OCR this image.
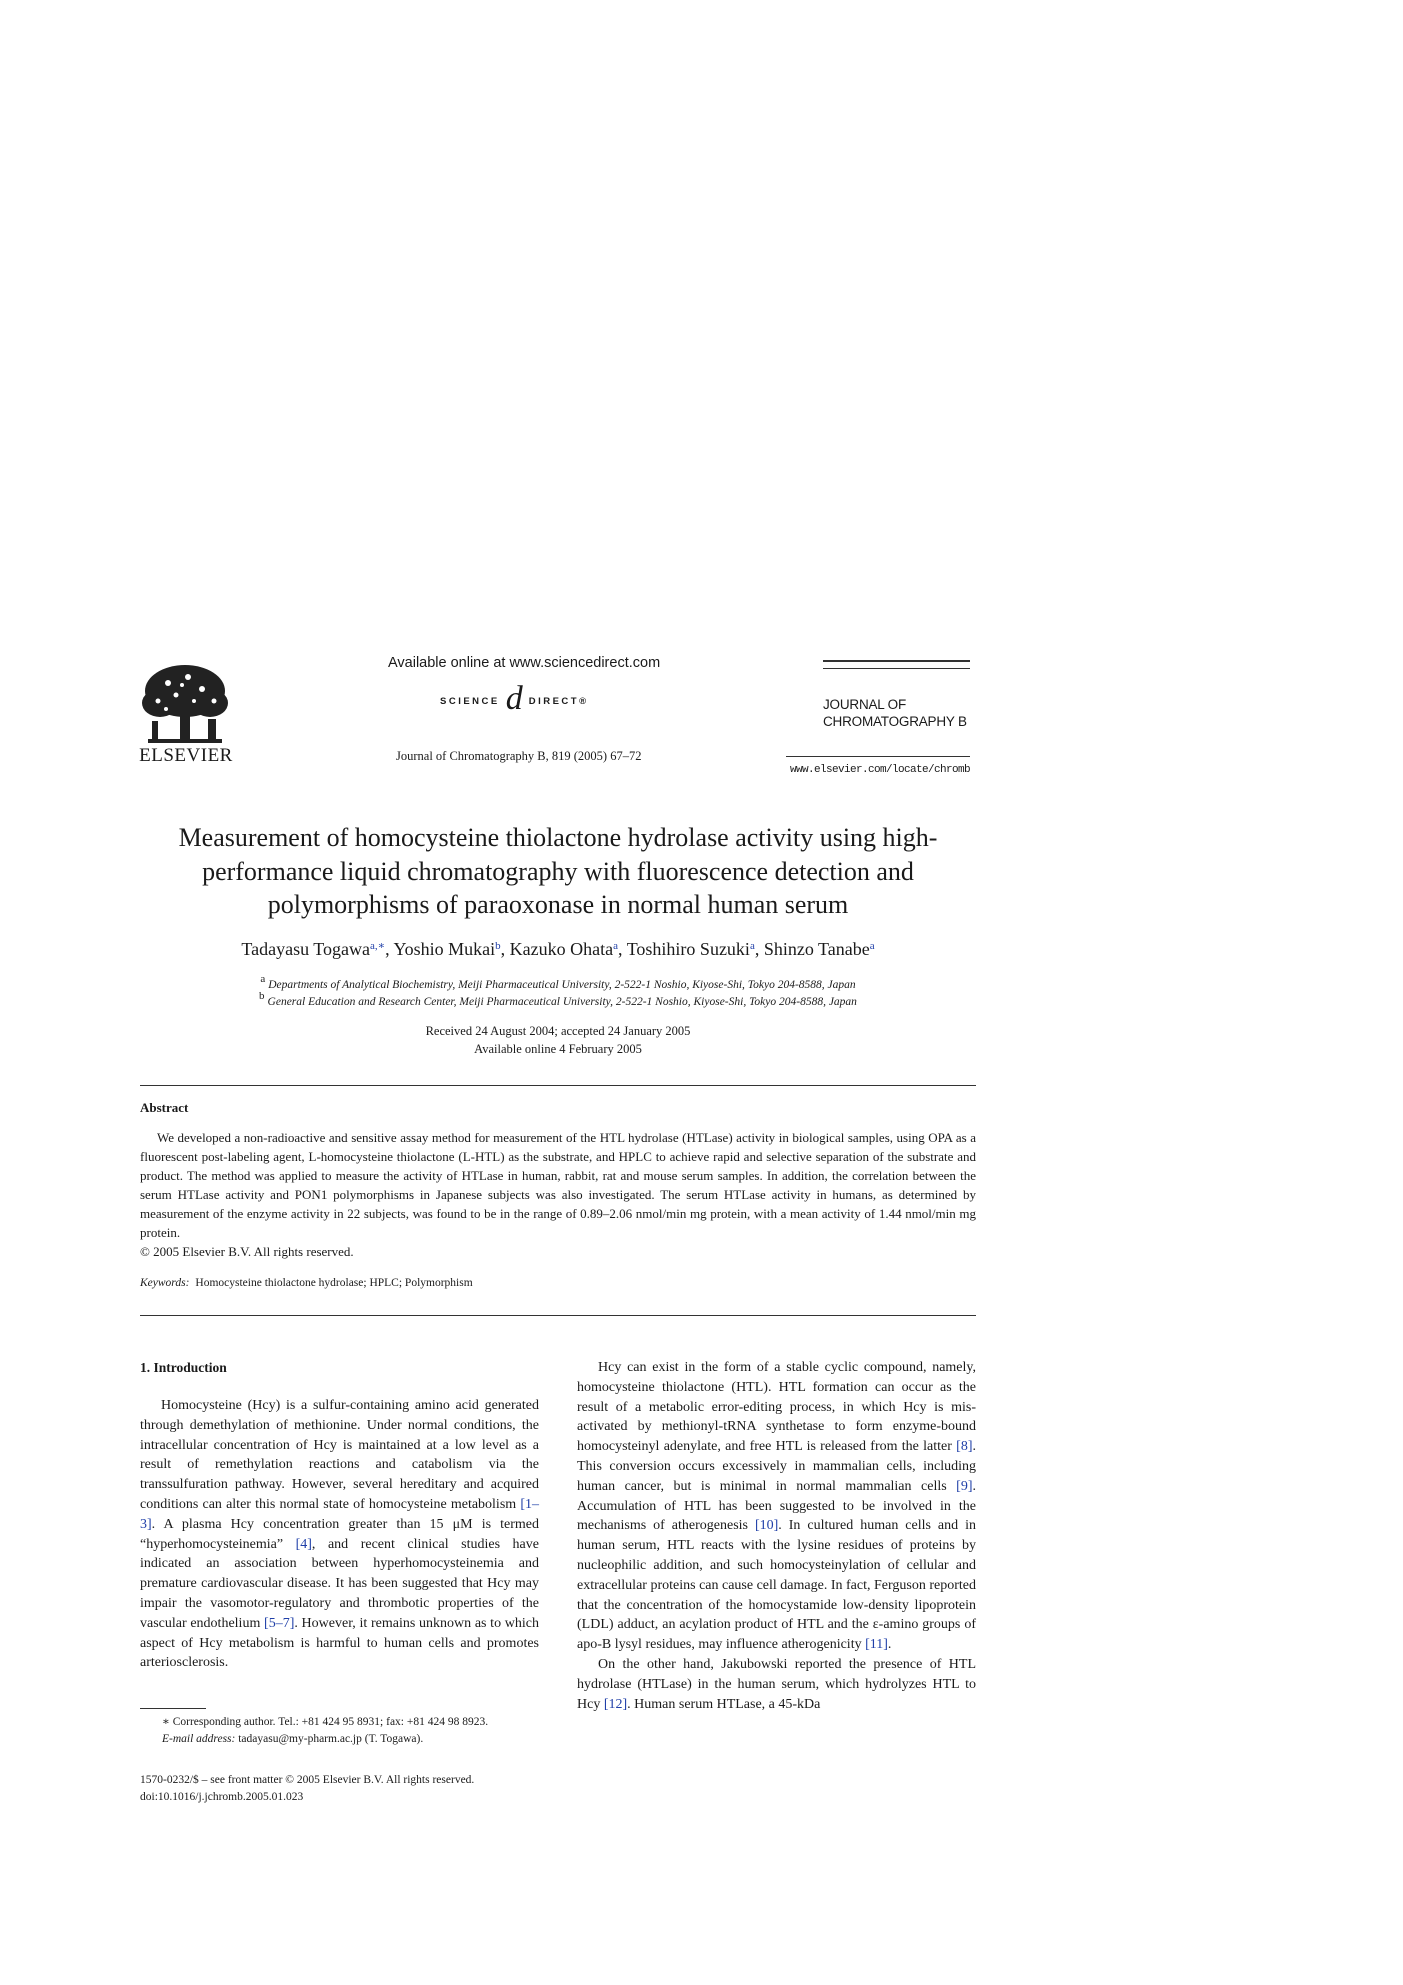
ELSEVIER
Available online at www.sciencedirect.com
SCIENCE d DIRECT®
Journal of Chromatography B, 819 (2005) 67–72
JOURNAL OF
CHROMATOGRAPHY B
www.elsevier.com/locate/chromb
Measurement of homocysteine thiolactone hydrolase activity using high-performance liquid chromatography with fluorescence detection and polymorphisms of paraoxonase in normal human serum
Tadayasu Togawa$^{a,∗}$, Yoshio Mukai$^b$, Kazuko Ohata$^a$, Toshihiro Suzuki$^a$, Shinzo Tanabe$^a$
$^a$ Departments of Analytical Biochemistry, Meiji Pharmaceutical University, 2-522-1 Noshio, Kiyose-Shi, Tokyo 204-8588, Japan
$^b$ General Education and Research Center, Meiji Pharmaceutical University, 2-522-1 Noshio, Kiyose-Shi, Tokyo 204-8588, Japan
Received 24 August 2004; accepted 24 January 2005
Available online 4 February 2005
Abstract

We developed a non-radioactive and sensitive assay method for measurement of the HTL hydrolase (HTLase) activity in biological samples, using OPA as a fluorescent post-labeling agent, L-homocysteine thiolactone (L-HTL) as the substrate, and HPLC to achieve rapid and selective separation of the substrate and product. The method was applied to measure the activity of HTLase in human, rabbit, rat and mouse serum samples. In addition, the correlation between the serum HTLase activity and PON1 polymorphisms in Japanese subjects was also investigated. The serum HTLase activity in humans, as determined by measurement of the enzyme activity in 22 subjects, was found to be in the range of 0.89–2.06 nmol/min mg protein, with a mean activity of 1.44 nmol/min mg protein.

© 2005 Elsevier B.V. All rights reserved.
Keywords: Homocysteine thiolactone hydrolase; HPLC; Polymorphism
1. Introduction

Homocysteine (Hcy) is a sulfur-containing amino acid generated through demethylation of methionine. Under normal conditions, the intracellular concentration of Hcy is maintained at a low level as a result of remethylation reactions and catabolism via the transsulfuration pathway. However, several hereditary and acquired conditions can alter this normal state of homocysteine metabolism [1–3]. A plasma Hcy concentration greater than 15 μM is termed “hyperhomocysteinemia” [4], and recent clinical studies have indicated an association between hyperhomocysteinemia and premature cardiovascular disease. It has been suggested that Hcy may impair the vasomotor-regulatory and thrombotic properties of the vascular endothelium [5–7]. However, it remains unknown as to which aspect of Hcy metabolism is harmful to human cells and promotes arteriosclerosis.

Hcy can exist in the form of a stable cyclic compound, namely, homocysteine thiolactone (HTL). HTL formation can occur as the result of a metabolic error-editing process, in which Hcy is mis-activated by methionyl-tRNA synthetase to form enzyme-bound homocysteinyl adenylate, and free HTL is released from the latter [8]. This conversion occurs excessively in mammalian cells, including human cancer, but is minimal in normal mammalian cells [9]. Accumulation of HTL has been suggested to be involved in the mechanisms of atherogenesis [10]. In cultured human cells and in human serum, HTL reacts with the lysine residues of proteins by nucleophilic addition, and such homocysteinylation of cellular and extracellular proteins can cause cell damage. In fact, Ferguson reported that the concentration of the homocystamide low-density lipoprotein (LDL) adduct, an acylation product of HTL and the ε-amino groups of apo-B lysyl residues, may influence atherogenicity [11].

On the other hand, Jakubowski reported the presence of HTL hydrolase (HTLase) in the human serum, which hydrolyzes HTL to Hcy [12]. Human serum HTLase, a 45-kDa

∗ Corresponding author. Tel.: +81 424 95 8931; fax: +81 424 98 8923.
E-mail address: tadayasu@my-pharm.ac.jp (T. Togawa).
1570-0232/$ – see front matter © 2005 Elsevier B.V. All rights reserved.
doi:10.1016/j.jchromb.2005.01.023
